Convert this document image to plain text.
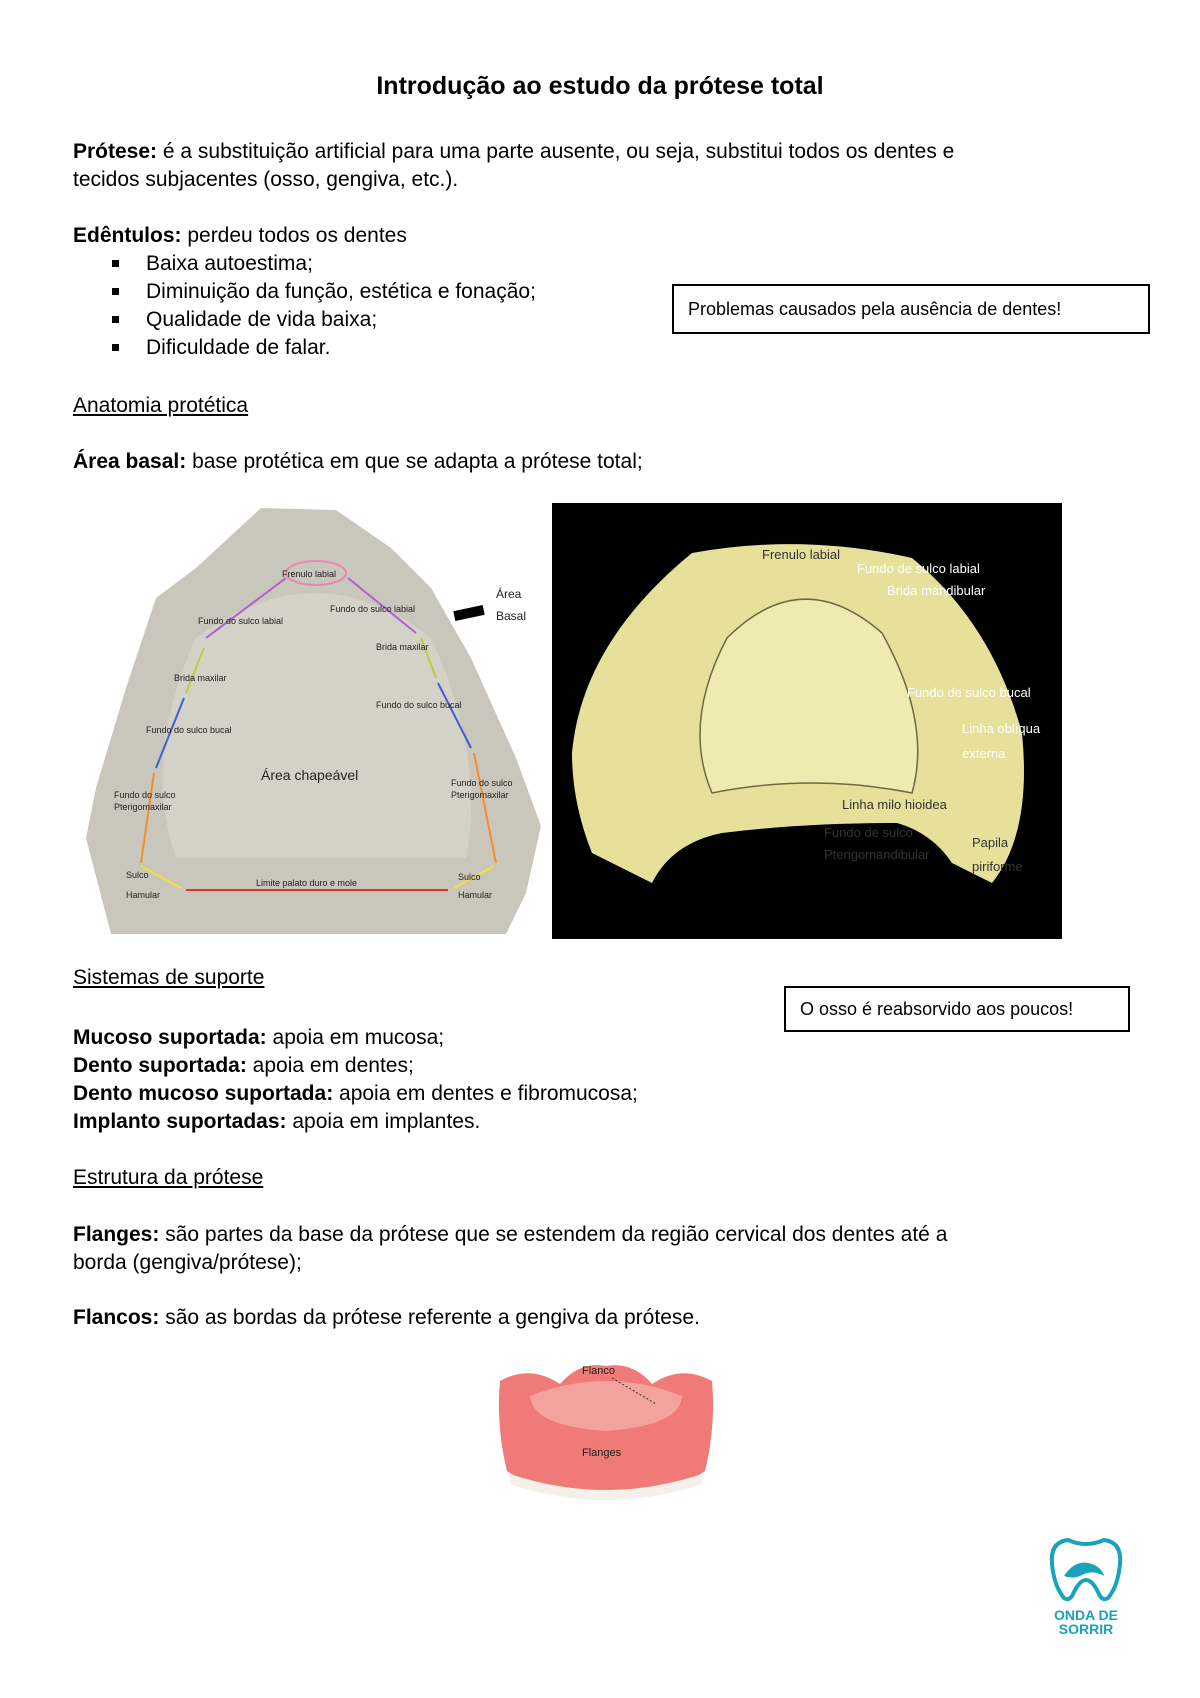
Introdução ao estudo da prótese total
Prótese: é a substituição artificial para uma parte ausente, ou seja, substitui todos os dentes e
tecidos subjacentes (osso, gengiva, etc.).
Edêntulos: perdeu todos os dentes
Baixa autoestima;
Diminuição da função, estética e fonação;
Qualidade de vida baixa;
Dificuldade de falar.
Problemas causados pela ausência de dentes!
Anatomia protética
Área basal: base protética em que se adapta a prótese total;
Frenulo labial
Fundo do sulco labial
Fundo do sulco labial
Brida maxilar
Brida maxilar
Fundo do sulco bucal
Fundo do sulco bucal
Fundo do sulco
Pterigomaxilar
Fundo do sulco
Pterigomaxilar
Limite palato duro e mole
Sulco
Hamular
Sulco
Hamular
Área chapeável
Área
Basal
Frenulo labial
Fundo de sulco labial
Brida mandibular
Fundo de sulco bucal
Linha oblíqua
externa
Linha milo hioidea
Fundo de sulco
Pterigomandibular
Papila
piriforme
Sistemas de suporte
O osso é reabsorvido aos poucos!
Mucoso suportada: apoia em mucosa;
Dento suportada: apoia em dentes;
Dento mucoso suportada: apoia em dentes e fibromucosa;
Implanto suportadas: apoia em implantes.
Estrutura da prótese
Flanges: são partes da base da prótese que se estendem da região cervical dos dentes até a
borda (gengiva/prótese);
Flancos: são as bordas da prótese referente a gengiva da prótese.
Flanco
Flanges
ONDA DE
SORRIR
